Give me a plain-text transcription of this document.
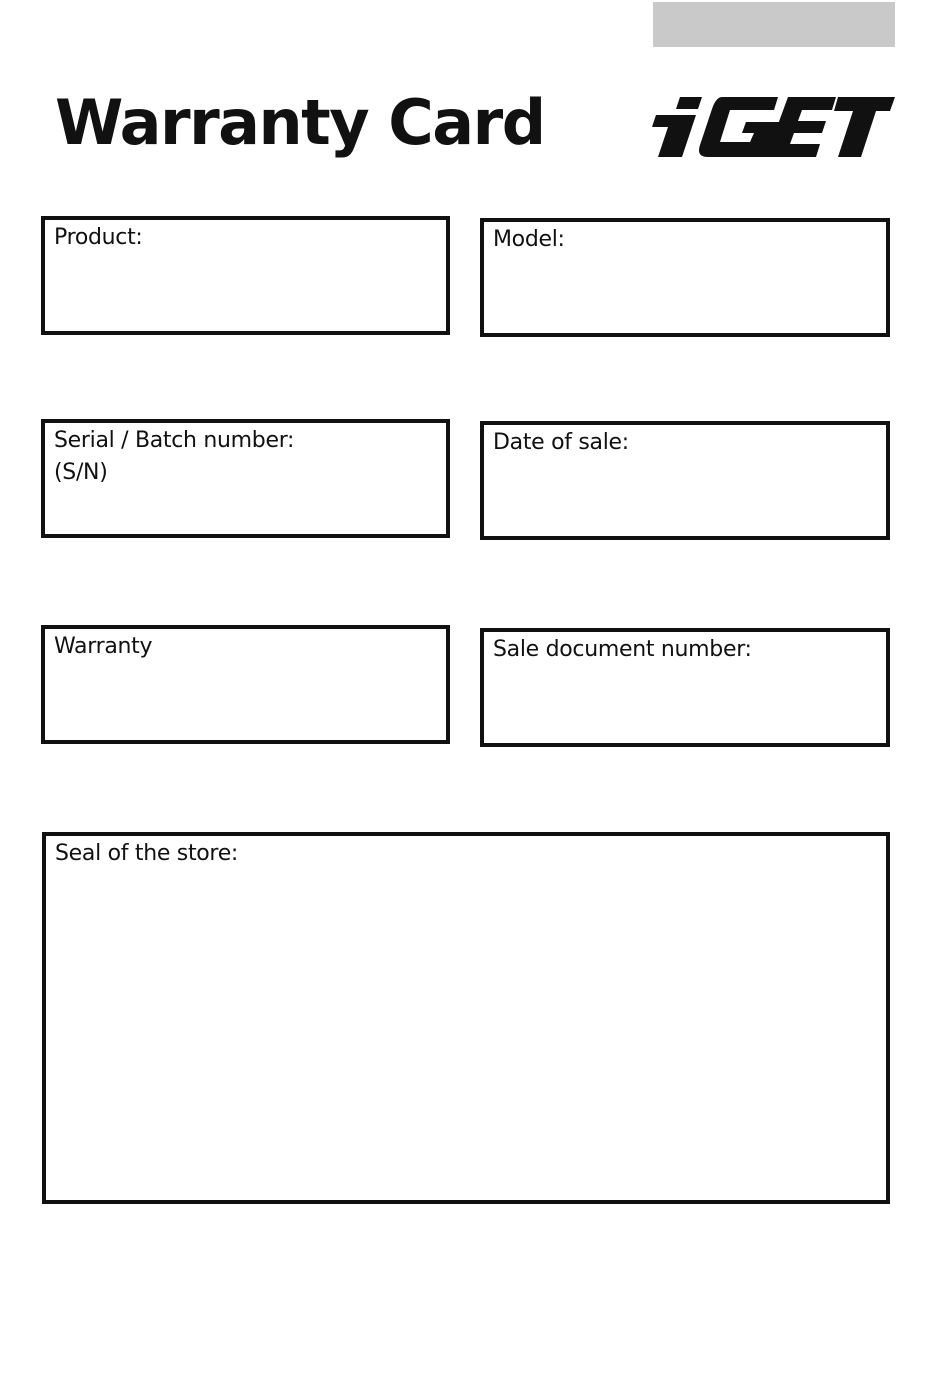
Warranty Card

Product:	Model:

Serial / Batch number:

(S/N)

Date of sale:

Warranty	Sale document number:

Seal of the store:
